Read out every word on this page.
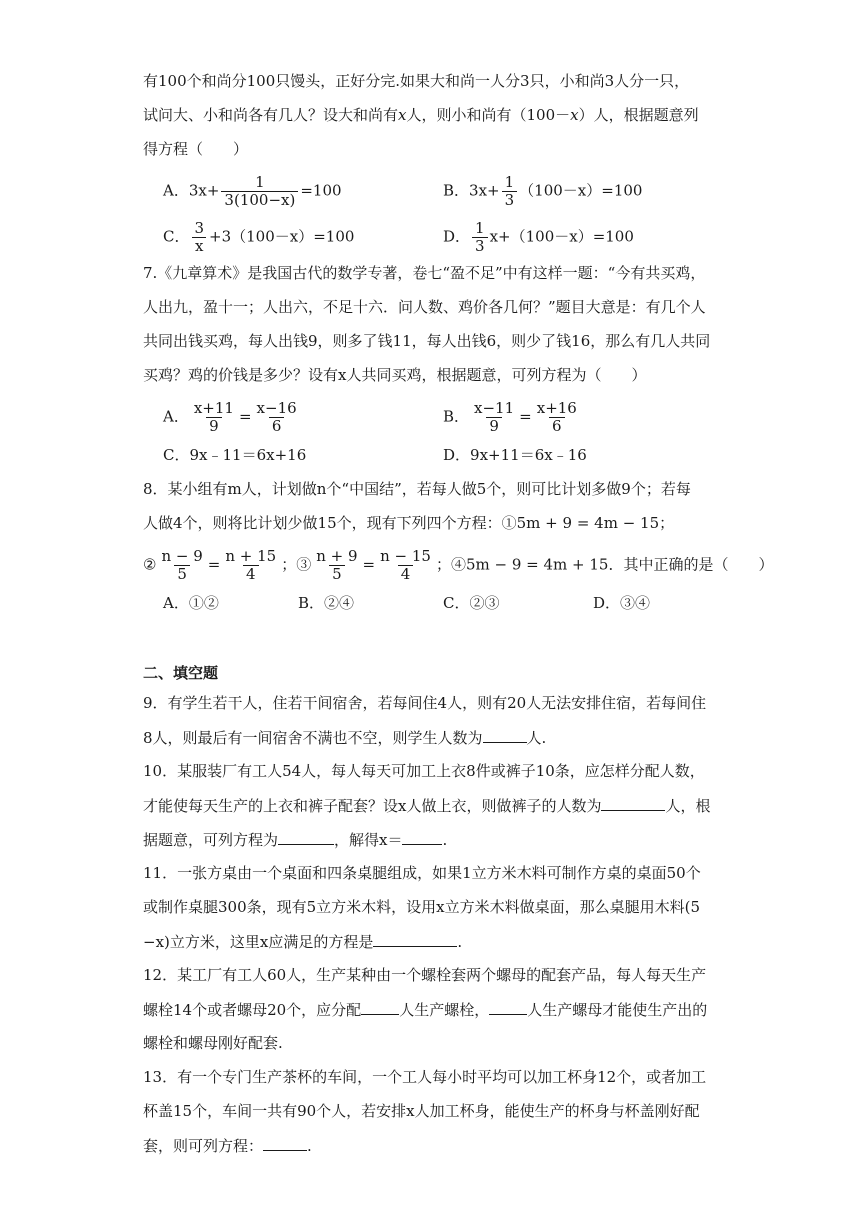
有100个和尚分100只馒头，正好分完.如果大和尚一人分3只，小和尚3人分一只，
试问大、小和尚各有几人？设大和尚有x人，则小和尚有（100－x）人，根据题意列
得方程（　　）
A．$3x+ \frac{1}{3(100-x)} =100$	B．$3x+ \frac{1}{3} (100-x)=100$
C． $\frac{3}{x} +3(100-x)=100$	D． $\frac{1}{3} x+(100-x)=100$
7.《九章算术》是我国古代的数学专著，卷七“盈不足”中有这样一题：“今有共买鸡，
人出九，盈十一；人出六，不足十六．问人数、鸡价各几何？”题目大意是：有几个人
共同出钱买鸡，每人出钱9，则多了钱11，每人出钱6，则少了钱16，那么有几人共同
买鸡？鸡的价钱是多少？设有x人共同买鸡，根据题意，可列方程为（　　）
A． $\frac{x+11}{9} = \frac{x-16}{6}$	B． $\frac{x-11}{9} = \frac{x+16}{6}$
C．9x﹣11＝6x+16	D．9x+11＝6x﹣16
8．某小组有m人，计划做n个“中国结”，若每人做5个，则可比计划多做9个；若每
人做4个，则将比计划少做15个，现有下列四个方程：①5m + 9 = 4m − 15；
② $\frac{n - 9}{5} = \frac{n + 15}{4}$ ；③ $\frac{n + 9}{5} = \frac{n - 15}{4}$ ；④5m − 9 = 4m + 15．其中正确的是（　　）
A．①②	B．②④	C．②③	D．③④
二、填空题
9．有学生若干人，住若干间宿舍，若每间住4人，则有20人无法安排住宿，若每间住
8人，则最后有一间宿舍不满也不空，则学生人数为	人.
10．某服装厂有工人54人，每人每天可加工上衣8件或裤子10条，应怎样分配人数，
才能使每天生产的上衣和裤子配套？设x人做上衣，则做裤子的人数为	人，根
据题意，可列方程为	，解得x＝	.
11．一张方桌由一个桌面和四条桌腿组成，如果1立方米木料可制作方桌的桌面50个
或制作桌腿300条，现有5立方米木料，设用x立方米木料做桌面，那么桌腿用木料(5
−x)立方米，这里x应满足的方程是	.
12．某工厂有工人60人，生产某种由一个螺栓套两个螺母的配套产品，每人每天生产
螺栓14个或者螺母20个，应分配	人生产螺栓，	人生产螺母才能使生产出的
螺栓和螺母刚好配套.
13．有一个专门生产茶杯的车间，一个工人每小时平均可以加工杯身12个，或者加工
杯盖15个，车间一共有90个人，若安排x人加工杯身，能使生产的杯身与杯盖刚好配
套，则可列方程：	.
